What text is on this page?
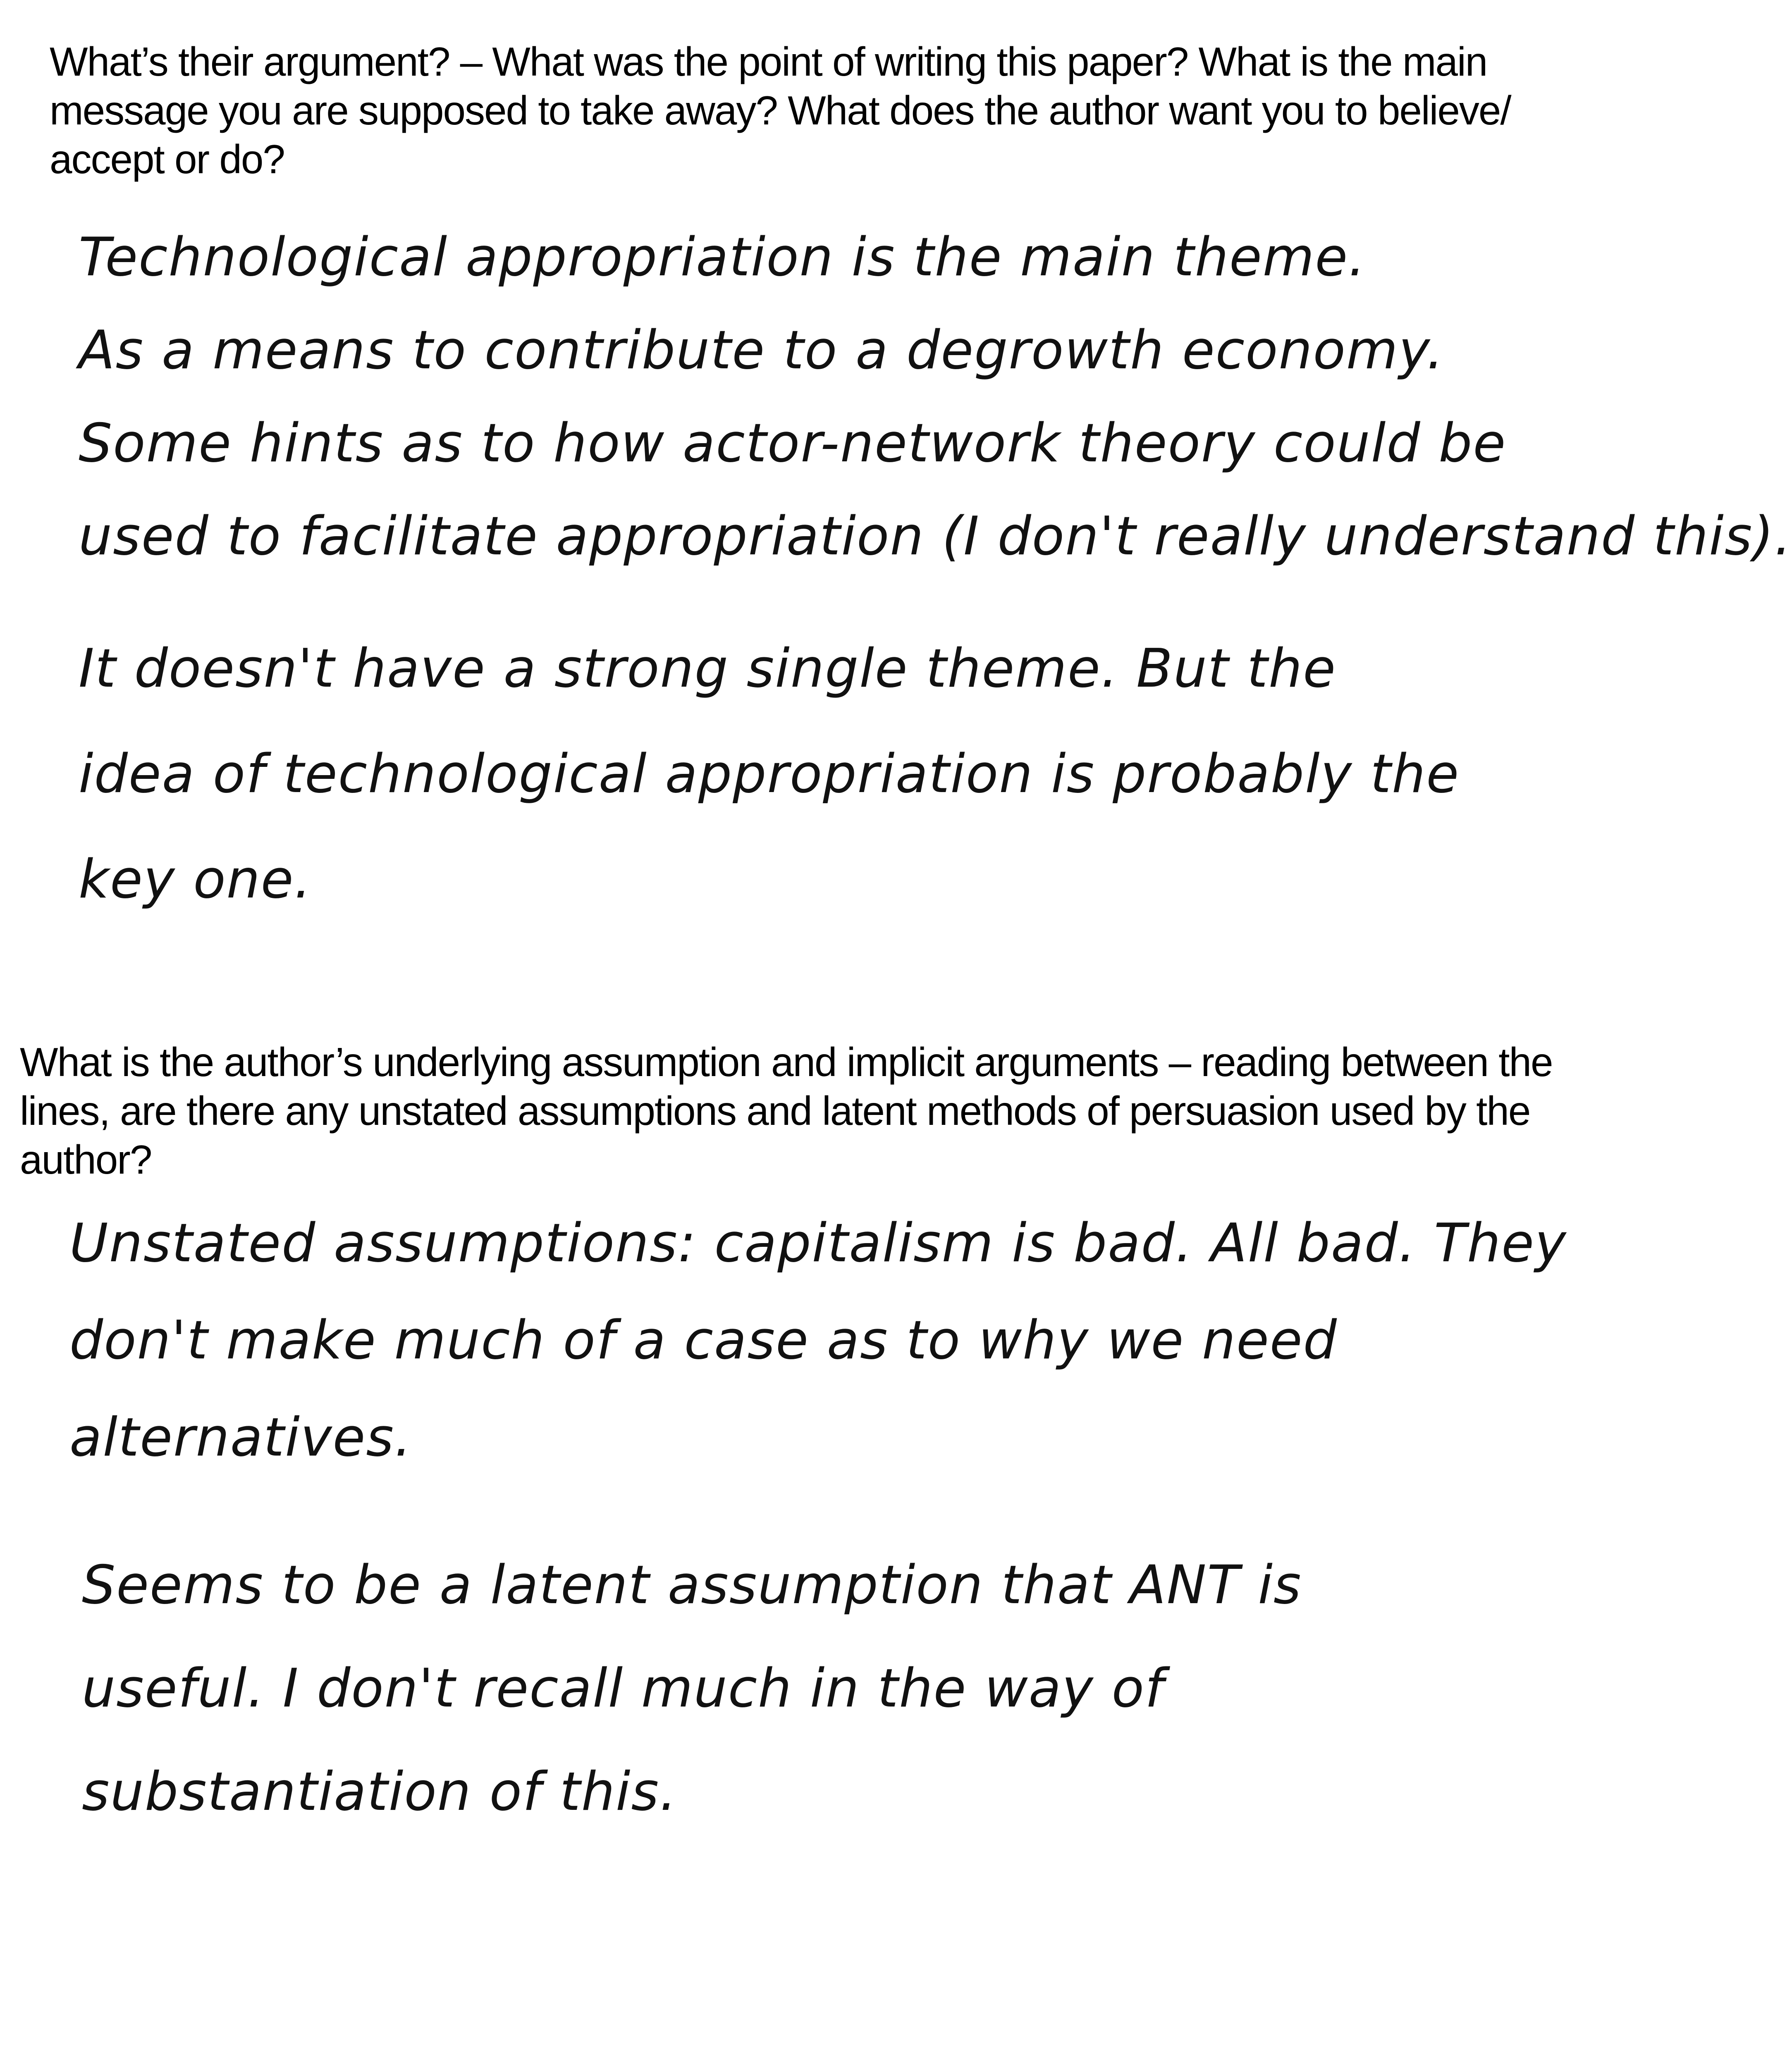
What’s their argument? – What was the point of writing this paper? What is the main message you are supposed to take away? What does the author want you to believe/ accept or do?

Technological appropriation is the main theme.
As a means to contribute to a degrowth economy.
Some hints as to how actor-network theory could be
used to facilitate appropriation (I don't really understand this).
It doesn't have a strong single theme. But the
idea of technological appropriation is probably the
key one.

What is the author’s underlying assumption and implicit arguments – reading between the lines, are there any unstated assumptions and latent methods of persuasion used by the author?

Unstated assumptions: capitalism is bad. All bad. They
don't make much of a case as to why we need
alternatives.
Seems to be a latent assumption that ANT is
useful. I don't recall much in the way of
substantiation of this.
